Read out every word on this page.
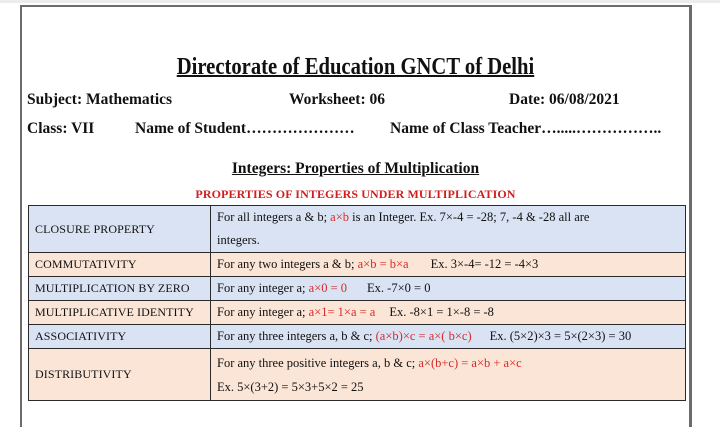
Directorate of Education GNCT of Delhi
Subject: Mathematics	Worksheet: 06	Date: 06/08/2021
Class: VII	Name of Student………………… Name of Class Teacher….....……………..
Integers: Properties of Multiplication
PROPERTIES OF INTEGERS UNDER MULTIPLICATION
CLOSURE PROPERTY	For all integers a & b; a×b is an Integer. Ex. 7×-4 = -28; 7, -4 & -28 all are
integers.

COMMUTATIVITY	For any two integers a & b; a×b = b×a Ex. 3×-4= -12 = -4×3
MULTIPLICATION BY ZERO	For any integer a; a×0 = 0 Ex. -7×0 = 0
MULTIPLICATIVE IDENTITY	For any integer a; a×1= 1×a = a Ex. -8×1 = 1×-8 = -8
ASSOCIATIVITY	For any three integers a, b & c; (a×b)×c = a×( b×c) Ex. (5×2)×3 = 5×(2×3) = 30
DISTRIBUTIVITY	For any three positive integers a, b & c; a×(b+c) = a×b + a×c
Ex. 5×(3+2) = 5×3+5×2 = 25
